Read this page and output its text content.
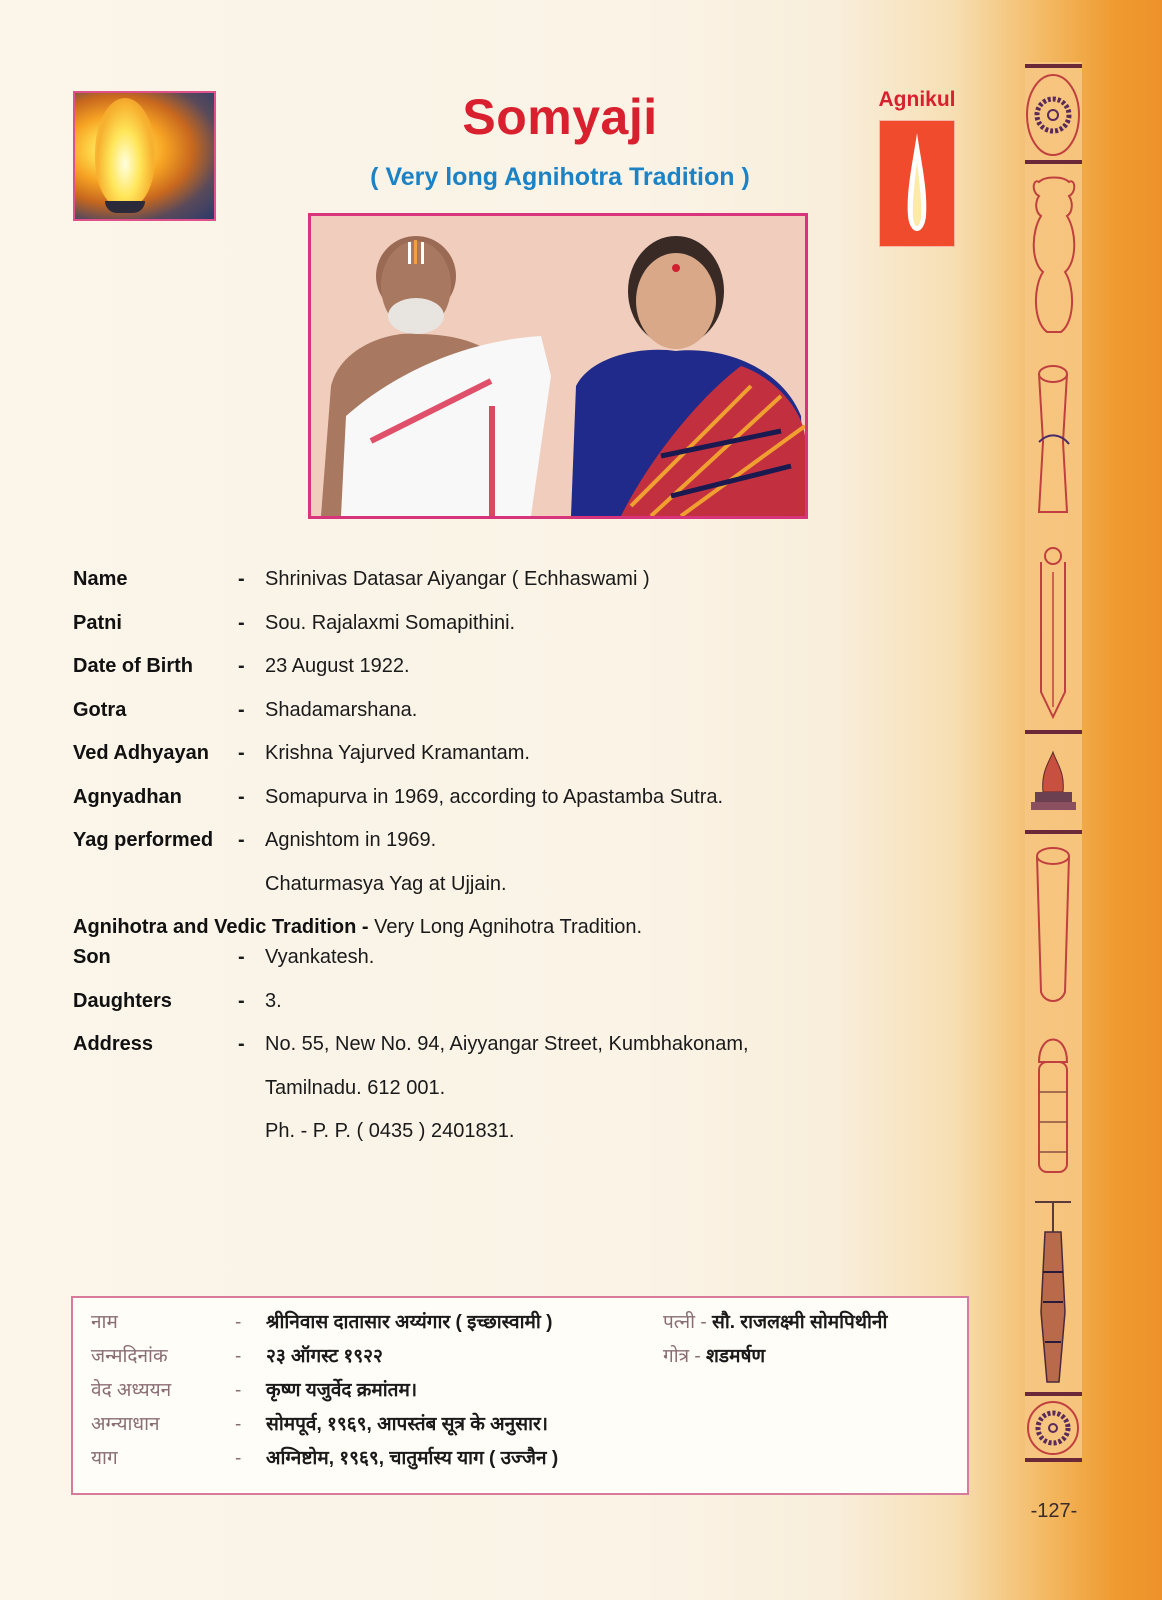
Somyaji
( Very long Agnihotra Tradition )
Agnikul
Name	- Shrinivas Datasar Aiyangar ( Echhaswami )
Patni	- Sou. Rajalaxmi Somapithini.
Date of Birth - 23 August 1922.
Gotra	- Shadamarshana.
Ved Adhyayan - Krishna Yajurved Kramantam.
Agnyadhan	- Somapurva in 1969, according to Apastamba Sutra.
Yag performed - Agnishtom in 1969.
Chaturmasya Yag at Ujjain.
Agnihotra and Vedic Tradition - Very Long Agnihotra Tradition.
Son	- Vyankatesh.
Daughters	- 3.
Address	- No. 55, New No. 94, Aiyyangar Street, Kumbhakonam,
Tamilnadu. 612 001.
Ph. - P. P. ( 0435 ) 2401831.
नाम	- श्रीनिवास दातासार अय्यंगार ( इच्छास्वामी )
जन्मदिनांक	- २३ ऑगस्ट १९२२
वेद अध्ययन	- कृष्ण यजुर्वेद क्रमांतम।
अग्न्याधान	- सोमपूर्व, १९६९, आपस्तंब सूत्र के अनुसार।
याग	- अग्निष्टोम, १९६९, चातुर्मास्य याग ( उज्जैन )
पत्नी - सौ. राजलक्ष्मी सोमपिथीनी
गोत्र - शडमर्षण
-127-
